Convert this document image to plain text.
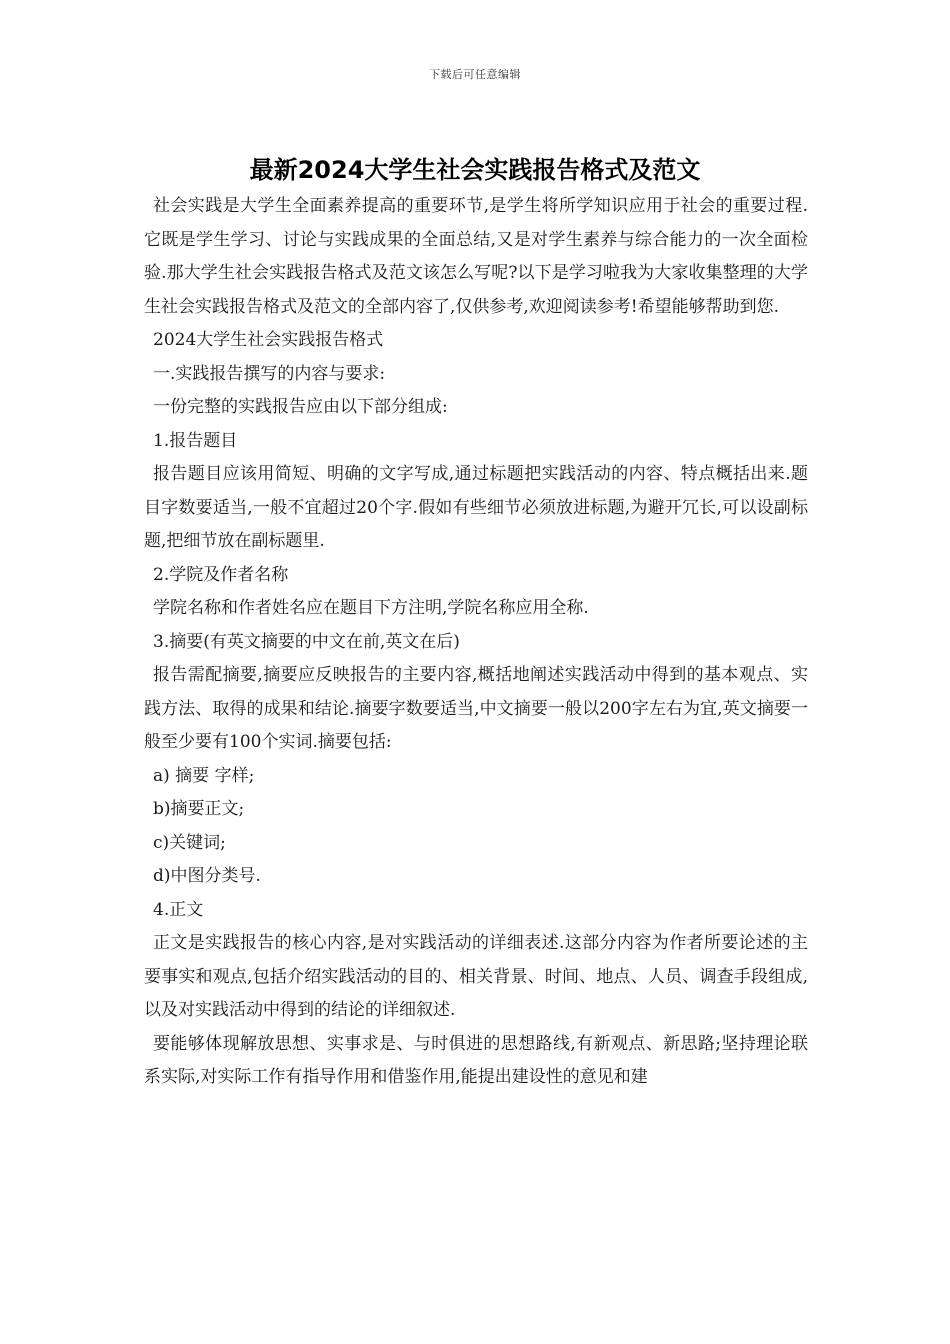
下载后可任意编辑
最新2024大学生社会实践报告格式及范文

社会实践是大学生全面素养提高的重要环节,是学生将所学知识应用于社会的重要过程.它既是学生学习、讨论与实践成果的全面总结,又是对学生素养与综合能力的一次全面检验.那大学生社会实践报告格式及范文该怎么写呢?以下是学习啦我为大家收集整理的大学生社会实践报告格式及范文的全部内容了,仅供参考,欢迎阅读参考!希望能够帮助到您.

2024大学生社会实践报告格式

一.实践报告撰写的内容与要求:

一份完整的实践报告应由以下部分组成:

1.报告题目

报告题目应该用简短、明确的文字写成,通过标题把实践活动的内容、特点概括出来.题目字数要适当,一般不宜超过20个字.假如有些细节必须放进标题,为避开冗长,可以设副标题,把细节放在副标题里.

2.学院及作者名称

学院名称和作者姓名应在题目下方注明,学院名称应用全称.

3.摘要(有英文摘要的中文在前,英文在后)

报告需配摘要,摘要应反映报告的主要内容,概括地阐述实践活动中得到的基本观点、实践方法、取得的成果和结论.摘要字数要适当,中文摘要一般以200字左右为宜,英文摘要一般至少要有100个实词.摘要包括:

a) 摘要 字样;

b)摘要正文;

c)关键词;

d)中图分类号.

4.正文

正文是实践报告的核心内容,是对实践活动的详细表述.这部分内容为作者所要论述的主要事实和观点,包括介绍实践活动的目的、相关背景、时间、地点、人员、调查手段组成,以及对实践活动中得到的结论的详细叙述.

要能够体现解放思想、实事求是、与时俱进的思想路线,有新观点、新思路;坚持理论联系实际,对实际工作有指导作用和借鉴作用,能提出建设性的意见和建
